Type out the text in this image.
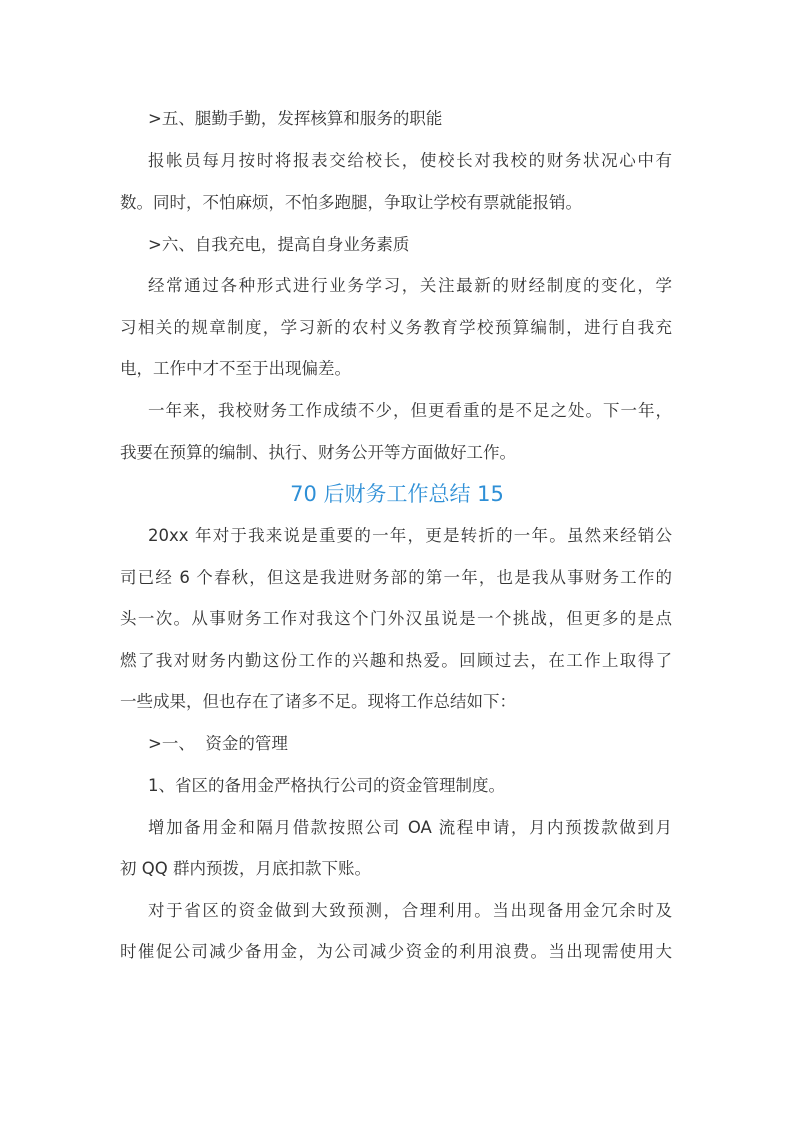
>五、腿勤手勤，发挥核算和服务的职能
报帐员每月按时将报表交给校长，使校长对我校的财务状况心中有
数。同时，不怕麻烦，不怕多跑腿，争取让学校有票就能报销。
>六、自我充电，提高自身业务素质
经常通过各种形式进行业务学习，关注最新的财经制度的变化，学
习相关的规章制度，学习新的农村义务教育学校预算编制，进行自我充
电，工作中才不至于出现偏差。
一年来，我校财务工作成绩不少，但更看重的是不足之处。下一年，
我要在预算的编制、执行、财务公开等方面做好工作。
70 后财务工作总结 15
20xx 年对于我来说是重要的一年，更是转折的一年。虽然来经销公
司已经 6 个春秋，但这是我进财务部的第一年，也是我从事财务工作的
头一次。从事财务工作对我这个门外汉虽说是一个挑战，但更多的是点
燃了我对财务内勤这份工作的兴趣和热爱。回顾过去，在工作上取得了
一些成果，但也存在了诸多不足。现将工作总结如下：
>一、  资金的管理
1、省区的备用金严格执行公司的资金管理制度。
增加备用金和隔月借款按照公司 OA 流程申请，月内预拨款做到月
初 QQ 群内预拨，月底扣款下账。
对于省区的资金做到大致预测，合理利用。当出现备用金冗余时及
时催促公司减少备用金，为公司减少资金的利用浪费。当出现需使用大
